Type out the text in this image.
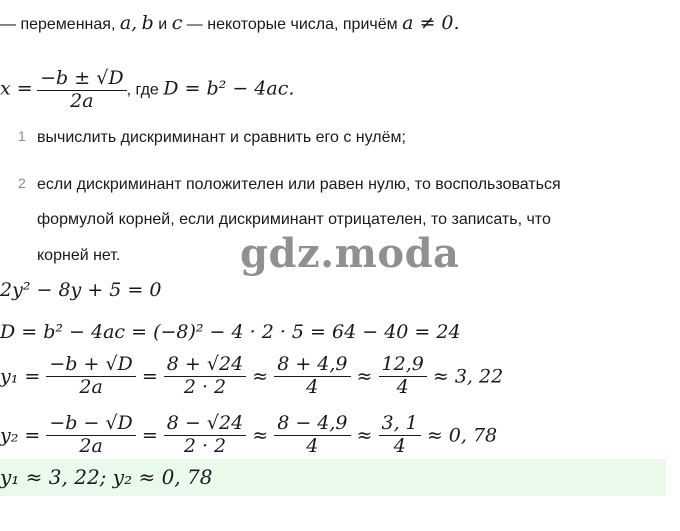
— переменная, a, b и c — некоторые числа, причём a ≠ 0.
$x = \frac{-b \pm √D}{2a}$ , где D = b² − 4ac.
1 вычислить дискриминант и сравнить его с нулём;
2 если дискриминант положителен или равен нулю, то воспользоваться
формулой корней, если дискриминант отрицателен, то записать, что
корней нет.	gdz.moda
2y² − 8y + 5 = 0
D = b² − 4ac = (−8)² − 4 · 2 · 5 = 64 − 40 = 24
$y_1 = \frac{-b + √D}{2a} = \frac{8 + √24}{2 \cdot 2} \approx \frac{8 + 4,9}{4} \approx \frac{12,9}{4} \approx 3$, 22
$y_2 = \frac{-b - √D}{2a} = \frac{8 - √24}{2 \cdot 2} \approx \frac{8 - 4,9}{4} \approx \frac{3, 1}{4} \approx 0$, 78
y₁ ≈ 3, 22; y₂ ≈ 0, 78
